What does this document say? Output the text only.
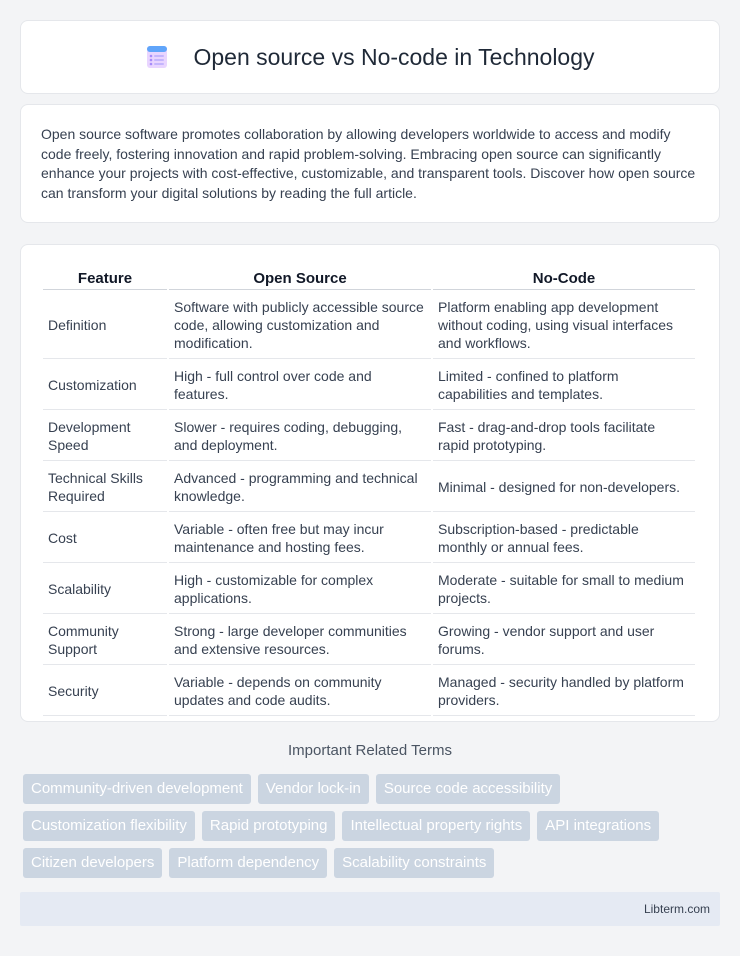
Open source vs No-code in Technology

Open source software promotes collaboration by allowing developers worldwide to access and modify code freely, fostering innovation and rapid problem-solving. Embracing open source can significantly enhance your projects with cost-effective, customizable, and transparent tools. Discover how open source can transform your digital solutions by reading the full article.

Feature	Open Source	No-Code
Definition	Software with publicly accessible source code, allowing customization and modification.	Platform enabling app development without coding, using visual interfaces and workflows.
Customization	High - full control over code and features.	Limited - confined to platform capabilities and templates.
Development Speed	Slower - requires coding, debugging, and deployment.	Fast - drag-and-drop tools facilitate rapid prototyping.
Technical Skills Required	Advanced - programming and technical knowledge.	Minimal - designed for non-developers.
Cost	Variable - often free but may incur maintenance and hosting fees.	Subscription-based - predictable monthly or annual fees.
Scalability	High - customizable for complex applications.	Moderate - suitable for small to medium projects.
Community Support	Strong - large developer communities and extensive resources.	Growing - vendor support and user forums.
Security	Variable - depends on community updates and code audits.	Managed - security handled by platform providers.
Important Related Terms
Community-driven development	Vendor lock-in	Source code accessibility
Customization flexibility	Rapid prototyping	Intellectual property rights	API integrations
Citizen developers	Platform dependency	Scalability constraints
Libterm.com
